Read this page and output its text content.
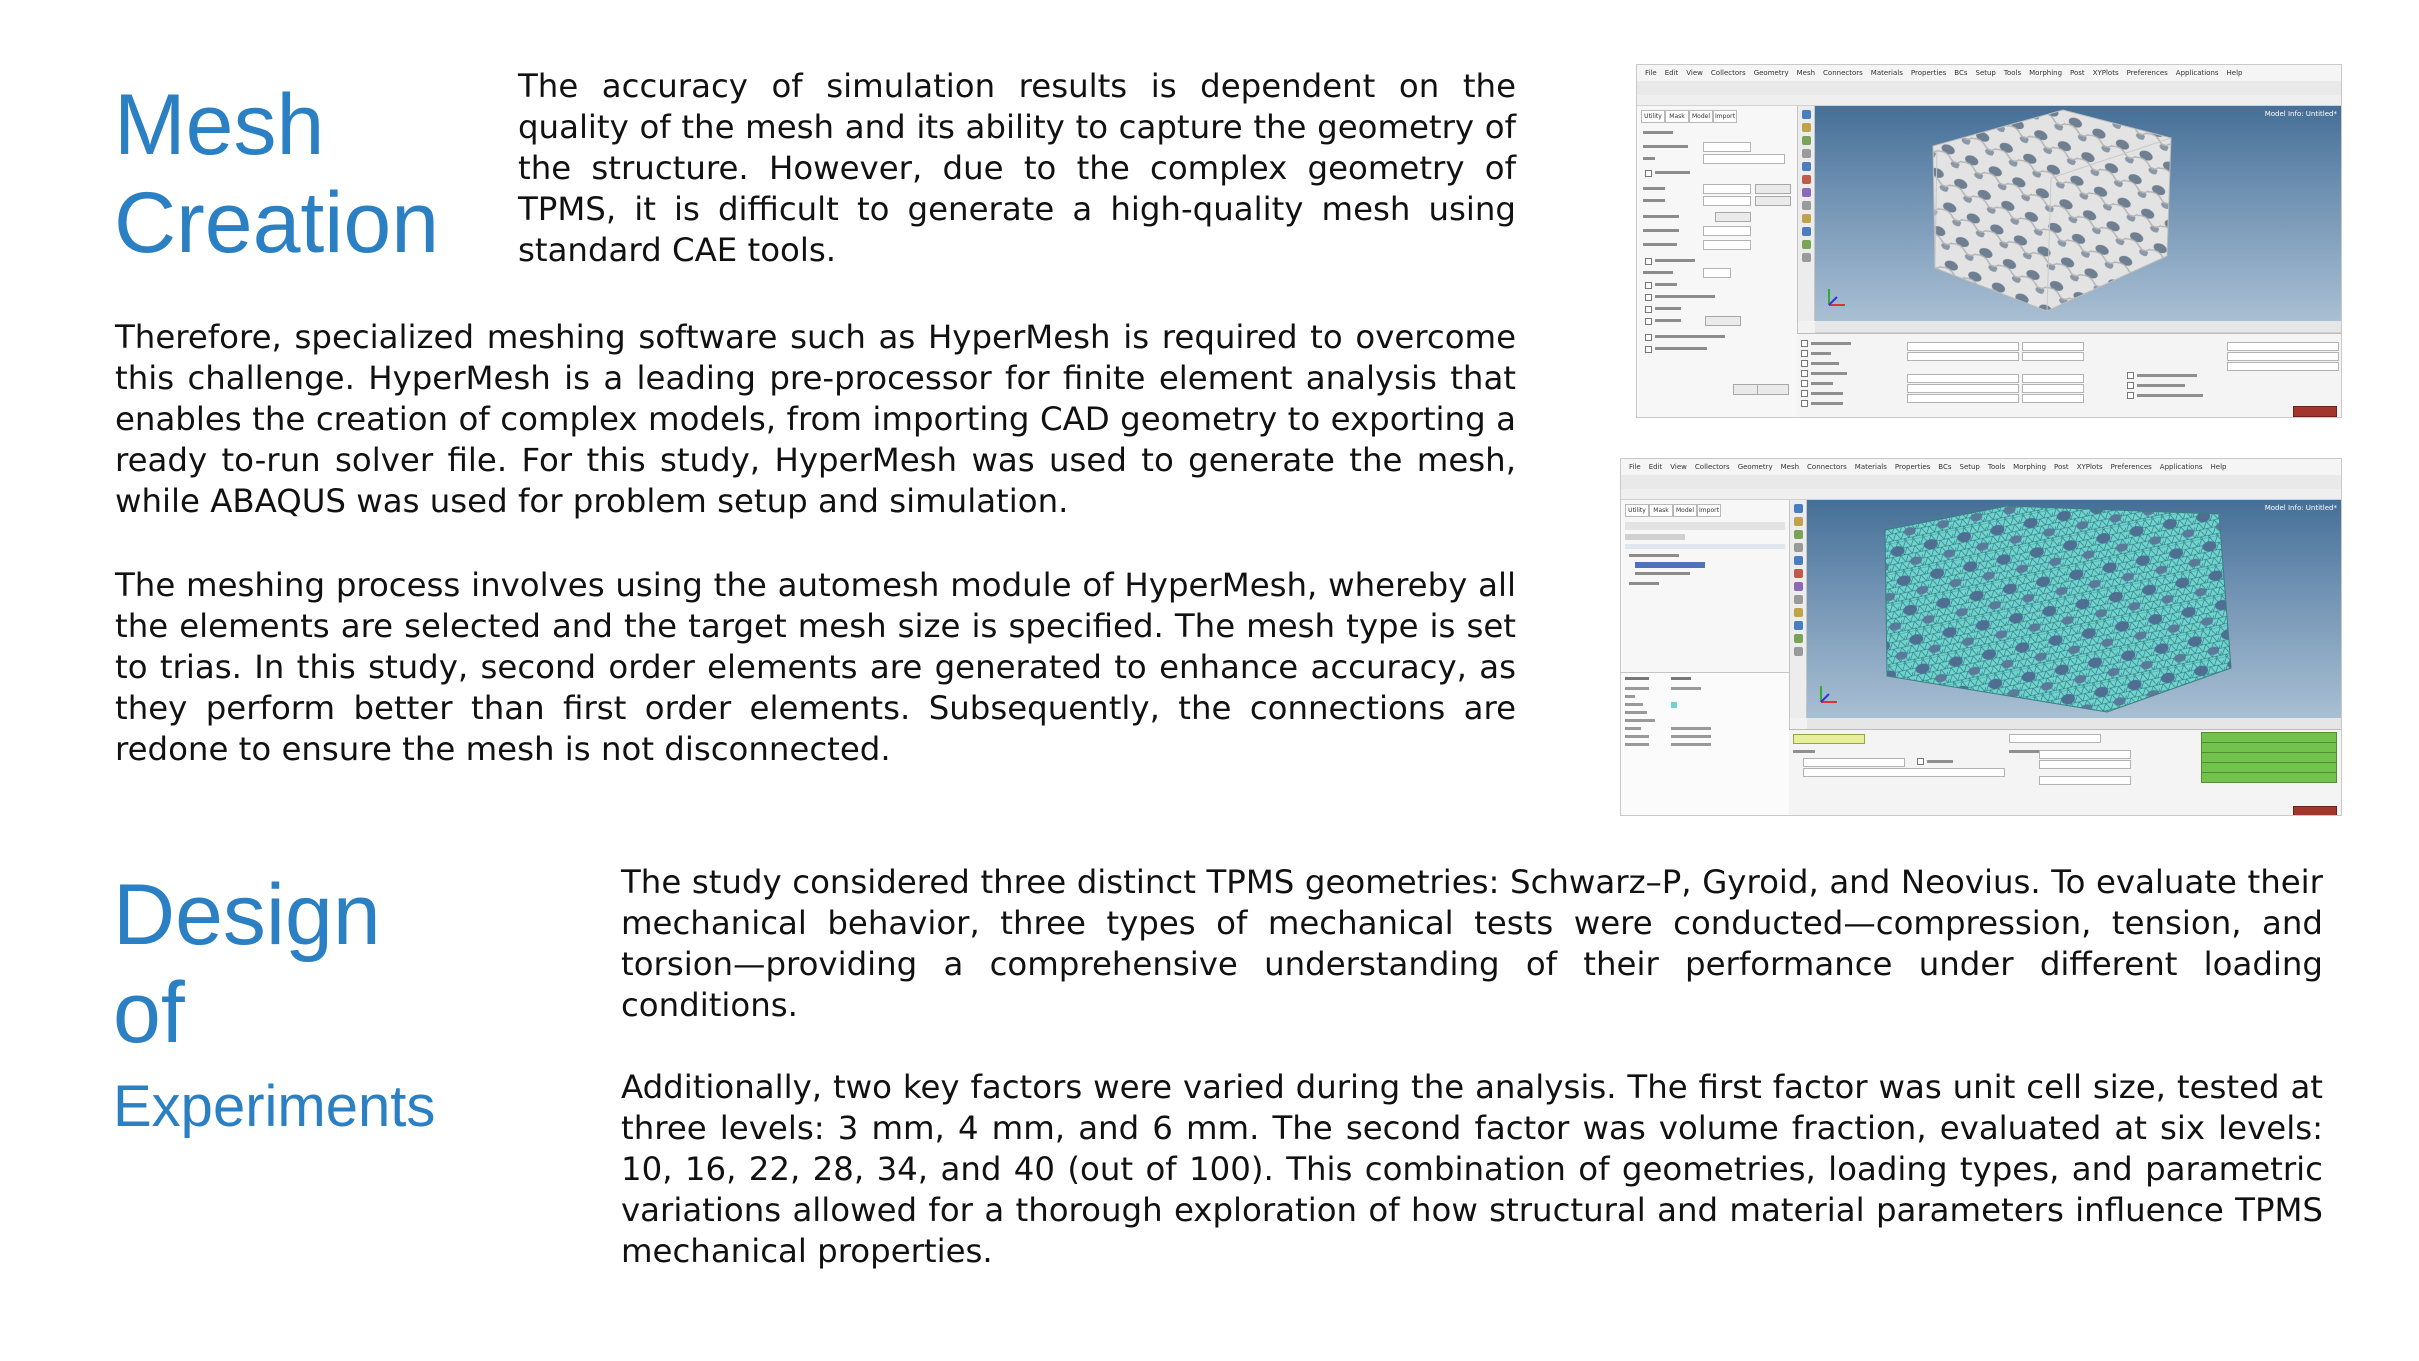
Mesh
Creation

The accuracy of simulation results is dependent on the quality of the mesh and its ability to capture the geometry of the structure. However, due to the complex geometry of TPMS, it is difficult to generate a high-quality mesh using standard CAE tools.

Therefore, specialized meshing software such as HyperMesh is required to overcome this challenge. HyperMesh is a leading pre-processor for finite element analysis that enables the creation of complex models, from importing CAD geometry to exporting a ready to-run solver file. For this study, HyperMesh was used to generate the mesh, while ABAQUS was used for problem setup and simulation.

The meshing process involves using the automesh module of HyperMesh, whereby all the elements are selected and the target mesh size is specified. The mesh type is set to trias. In this study, second order elements are generated to enhance accuracy, as they perform better than first order elements. Subsequently, the connections are redone to ensure the mesh is not disconnected.

File Edit View Collectors Geometry Mesh Connectors Materials Properties BCs Setup Tools Morphing Post XYPlots Preferences Applications Help
Utility	Mask	Model Import	Model Info: Untitled*
File Edit View Collectors Geometry Mesh Connectors Materials Properties BCs Setup Tools Morphing Post XYPlots Preferences Applications Help
Utility	Mask	Model Import	Model Info: Untitled*
Design
of
Experiments

The study considered three distinct TPMS geometries: Schwarz–P, Gyroid, and Neovius. To evaluate their mechanical behavior, three types of mechanical tests were conducted—compression, tension, and torsion—providing a comprehensive understanding of their performance under different loading conditions.

Additionally, two key factors were varied during the analysis. The first factor was unit cell size, tested at three levels: 3 mm, 4 mm, and 6 mm. The second factor was volume fraction, evaluated at six levels: 10, 16, 22, 28, 34, and 40 (out of 100). This combination of geometries, loading types, and parametric variations allowed for a thorough exploration of how structural and material parameters influence TPMS mechanical properties.
